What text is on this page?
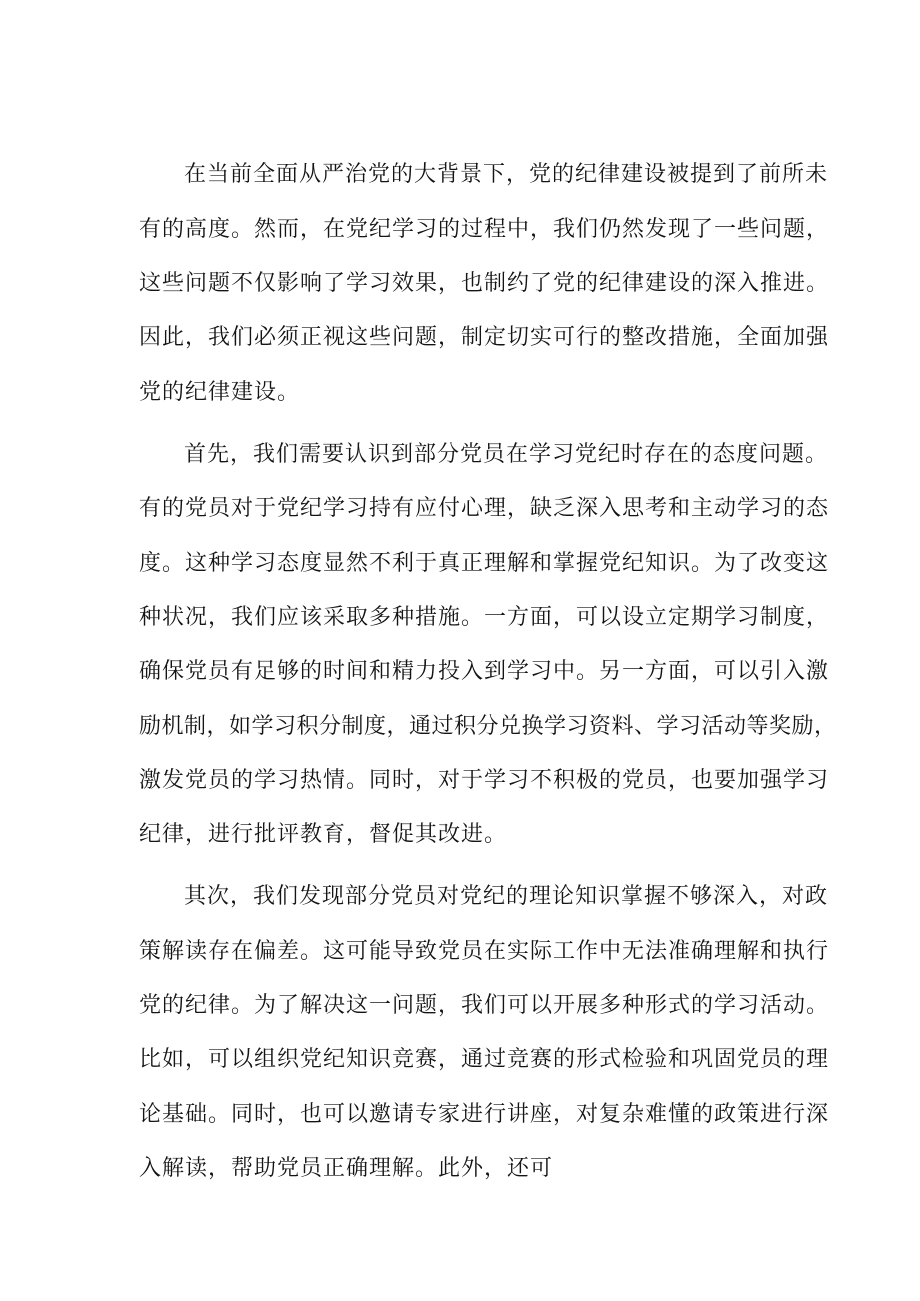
在当前全面从严治党的大背景下，党的纪律建设被提到了前所未
有的高度。然而，在党纪学习的过程中，我们仍然发现了一些问题，
这些问题不仅影响了学习效果，也制约了党的纪律建设的深入推进。
因此，我们必须正视这些问题，制定切实可行的整改措施，全面加强
党的纪律建设。
首先，我们需要认识到部分党员在学习党纪时存在的态度问题。
有的党员对于党纪学习持有应付心理，缺乏深入思考和主动学习的态
度。这种学习态度显然不利于真正理解和掌握党纪知识。为了改变这
种状况，我们应该采取多种措施。一方面，可以设立定期学习制度，
确保党员有足够的时间和精力投入到学习中。另一方面，可以引入激
励机制，如学习积分制度，通过积分兑换学习资料、学习活动等奖励，
激发党员的学习热情。同时，对于学习不积极的党员，也要加强学习
纪律，进行批评教育，督促其改进。
其次，我们发现部分党员对党纪的理论知识掌握不够深入，对政
策解读存在偏差。这可能导致党员在实际工作中无法准确理解和执行
党的纪律。为了解决这一问题，我们可以开展多种形式的学习活动。
比如，可以组织党纪知识竞赛，通过竞赛的形式检验和巩固党员的理
论基础。同时，也可以邀请专家进行讲座，对复杂难懂的政策进行深
入解读，帮助党员正确理解。此外，还可
